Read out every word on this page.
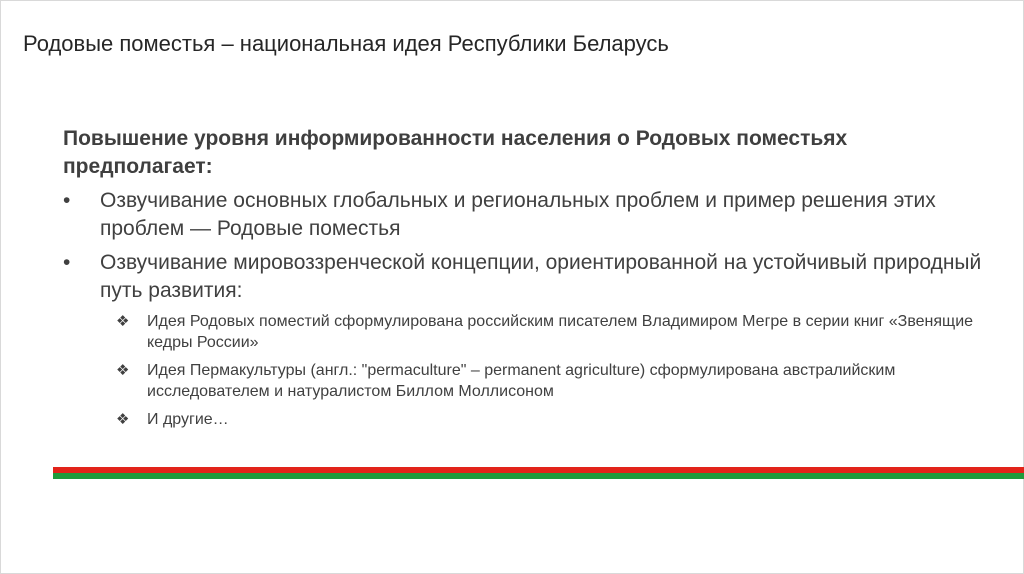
Родовые поместья – национальная идея Республики Беларусь

Повышение уровня информированности населения о Родовых поместьях предполагает:

•	Озвучивание основных глобальных и региональных проблем и пример решения этих проблем — Родовые поместья
•	Озвучивание мировоззренческой концепции, ориентированной на устойчивый природный путь развития:
❖ Идея Родовых поместий сформулирована российским писателем Владимиром Мегре в серии книг «Звенящие кедры России»
❖ Идея Пермакультуры (англ.: "permaculture" – permanent agriculture) сформулирована австралийским исследователем и натуралистом Биллом Моллисоном
❖ И другие…
